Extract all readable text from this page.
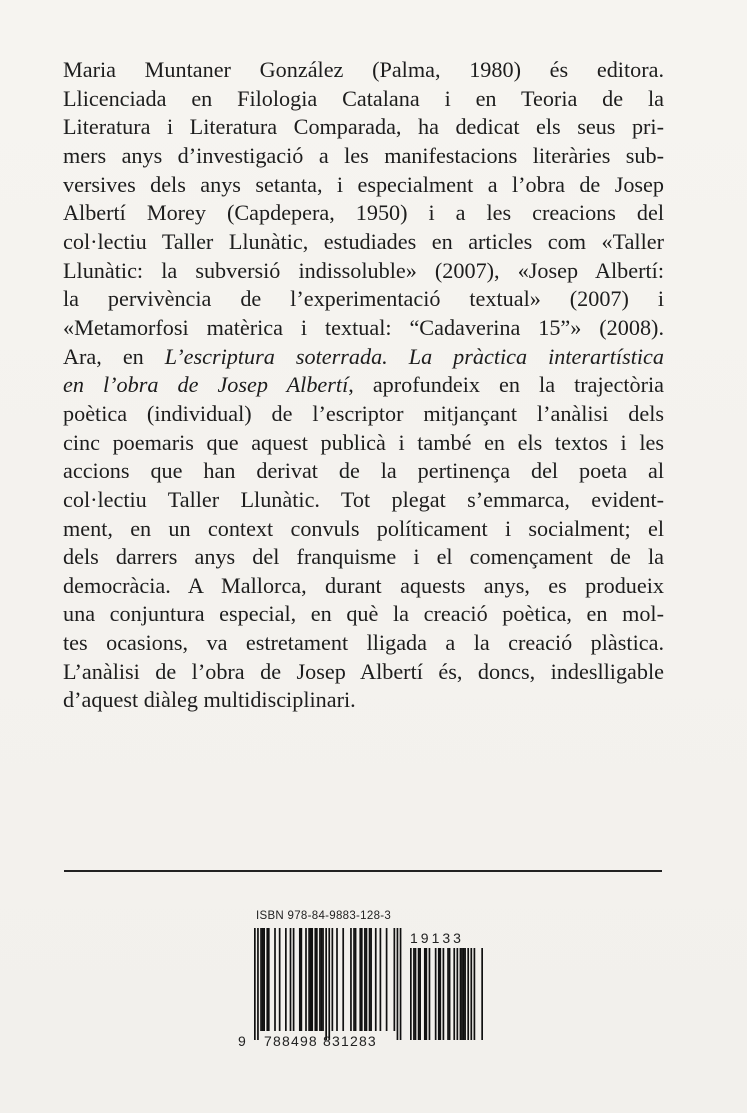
Maria Muntaner González (Palma, 1980) és editora.
Llicenciada en Filologia Catalana i en Teoria de la
Literatura i Literatura Comparada, ha dedicat els seus pri-
mers anys d’investigació a les manifestacions literàries sub-
versives dels anys setanta, i especialment a l’obra de Josep
Albertí Morey (Capdepera, 1950) i a les creacions del
col·lectiu Taller Llunàtic, estudiades en articles com «Taller
Llunàtic: la subversió indissoluble» (2007), «Josep Albertí:
la pervivència de l’experimentació textual» (2007) i
«Metamorfosi matèrica i textual: “Cadaverina 15”» (2008).
Ara, en L’escriptura soterrada. La pràctica interartística
en l’obra de Josep Albertí, aprofundeix en la trajectòria
poètica (individual) de l’escriptor mitjançant l’anàlisi dels
cinc poemaris que aquest publicà i també en els textos i les
accions que han derivat de la pertinença del poeta al
col·lectiu Taller Llunàtic. Tot plegat s’emmarca, evident-
ment, en un context convuls políticament i socialment; el
dels darrers anys del franquisme i el començament de la
democràcia. A Mallorca, durant aquests anys, es produeix
una conjuntura especial, en què la creació poètica, en mol-
tes ocasions, va estretament lligada a la creació plàstica.
L’anàlisi de l’obra de Josep Albertí és, doncs, indeslligable
d’aquest diàleg multidisciplinari.
ISBN 978-84-9883-128-3
9 788498 831283
19133
